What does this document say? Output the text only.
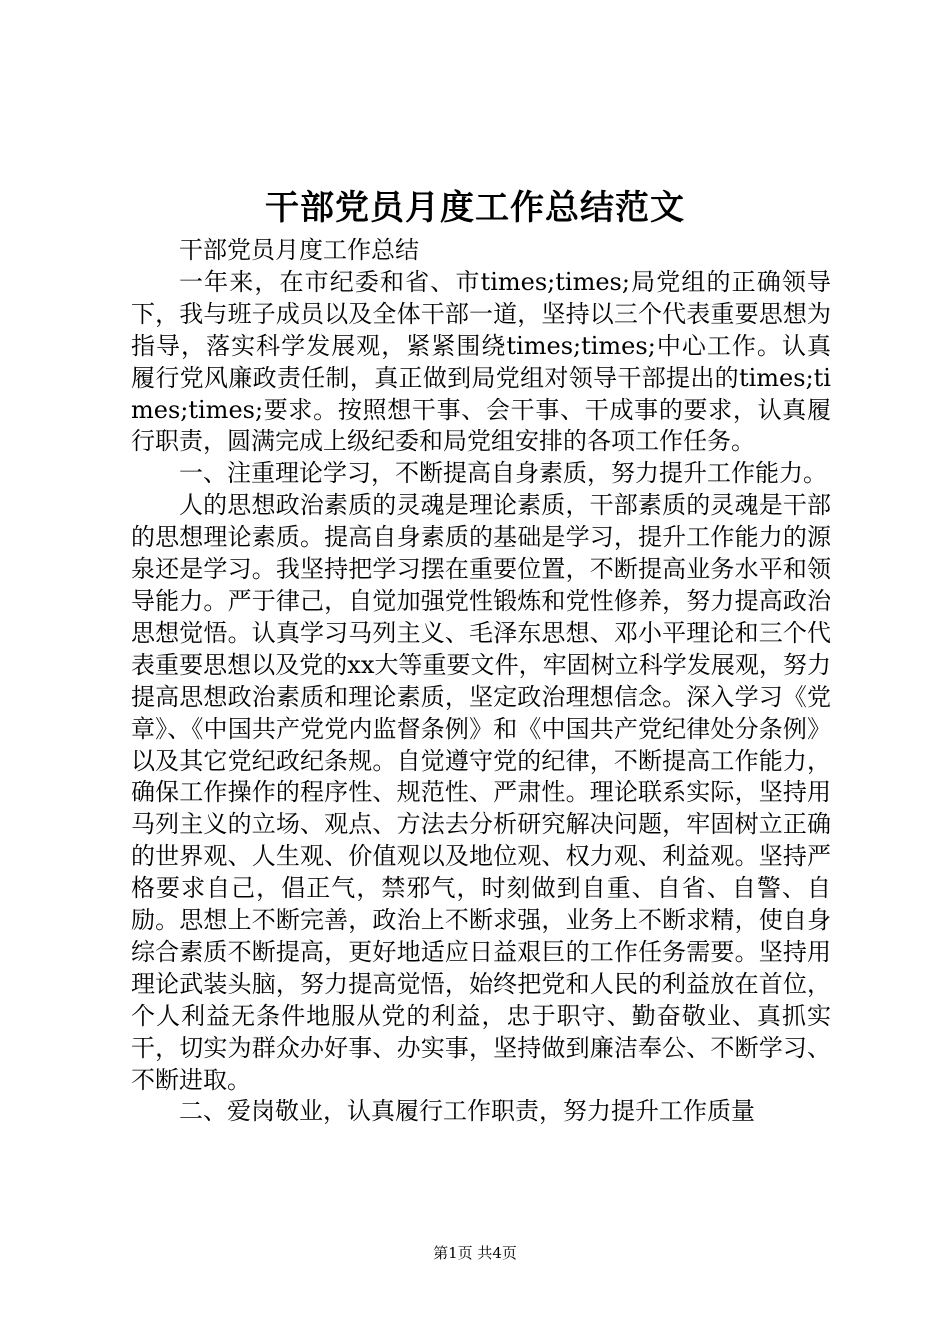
干部党员月度工作总结范文

干部党员月度工作总结

一年来，在市纪委和省、市times;times;局党组的正确领导下，我与班子成员以及全体干部一道，坚持以三个代表重要思想为指导，落实科学发展观，紧紧围绕times;times;中心工作。认真履行党风廉政责任制，真正做到局党组对领导干部提出的times;times;times;要求。按照想干事、会干事、干成事的要求，认真履行职责，圆满完成上级纪委和局党组安排的各项工作任务。

一、注重理论学习，不断提高自身素质，努力提升工作能力。

人的思想政治素质的灵魂是理论素质，干部素质的灵魂是干部的思想理论素质。提高自身素质的基础是学习，提升工作能力的源泉还是学习。我坚持把学习摆在重要位置，不断提高业务水平和领导能力。严于律己，自觉加强党性锻炼和党性修养，努力提高政治思想觉悟。认真学习马列主义、毛泽东思想、邓小平理论和三个代表重要思想以及党的xx大等重要文件，牢固树立科学发展观，努力提高思想政治素质和理论素质，坚定政治理想信念。深入学习《党章》、《中国共产党党内监督条例》和《中国共产党纪律处分条例》以及其它党纪政纪条规。自觉遵守党的纪律，不断提高工作能力，确保工作操作的程序性、规范性、严肃性。理论联系实际，坚持用马列主义的立场、观点、方法去分析研究解决问题，牢固树立正确的世界观、人生观、价值观以及地位观、权力观、利益观。坚持严格要求自己，倡正气，禁邪气，时刻做到自重、自省、自警、自励。思想上不断完善，政治上不断求强，业务上不断求精，使自身综合素质不断提高，更好地适应日益艰巨的工作任务需要。坚持用理论武装头脑，努力提高觉悟，始终把党和人民的利益放在首位，个人利益无条件地服从党的利益，忠于职守、勤奋敬业、真抓实干，切实为群众办好事、办实事，坚持做到廉洁奉公、不断学习、不断进取。

二、爱岗敬业，认真履行工作职责，努力提升工作质量

第1页 共4页
